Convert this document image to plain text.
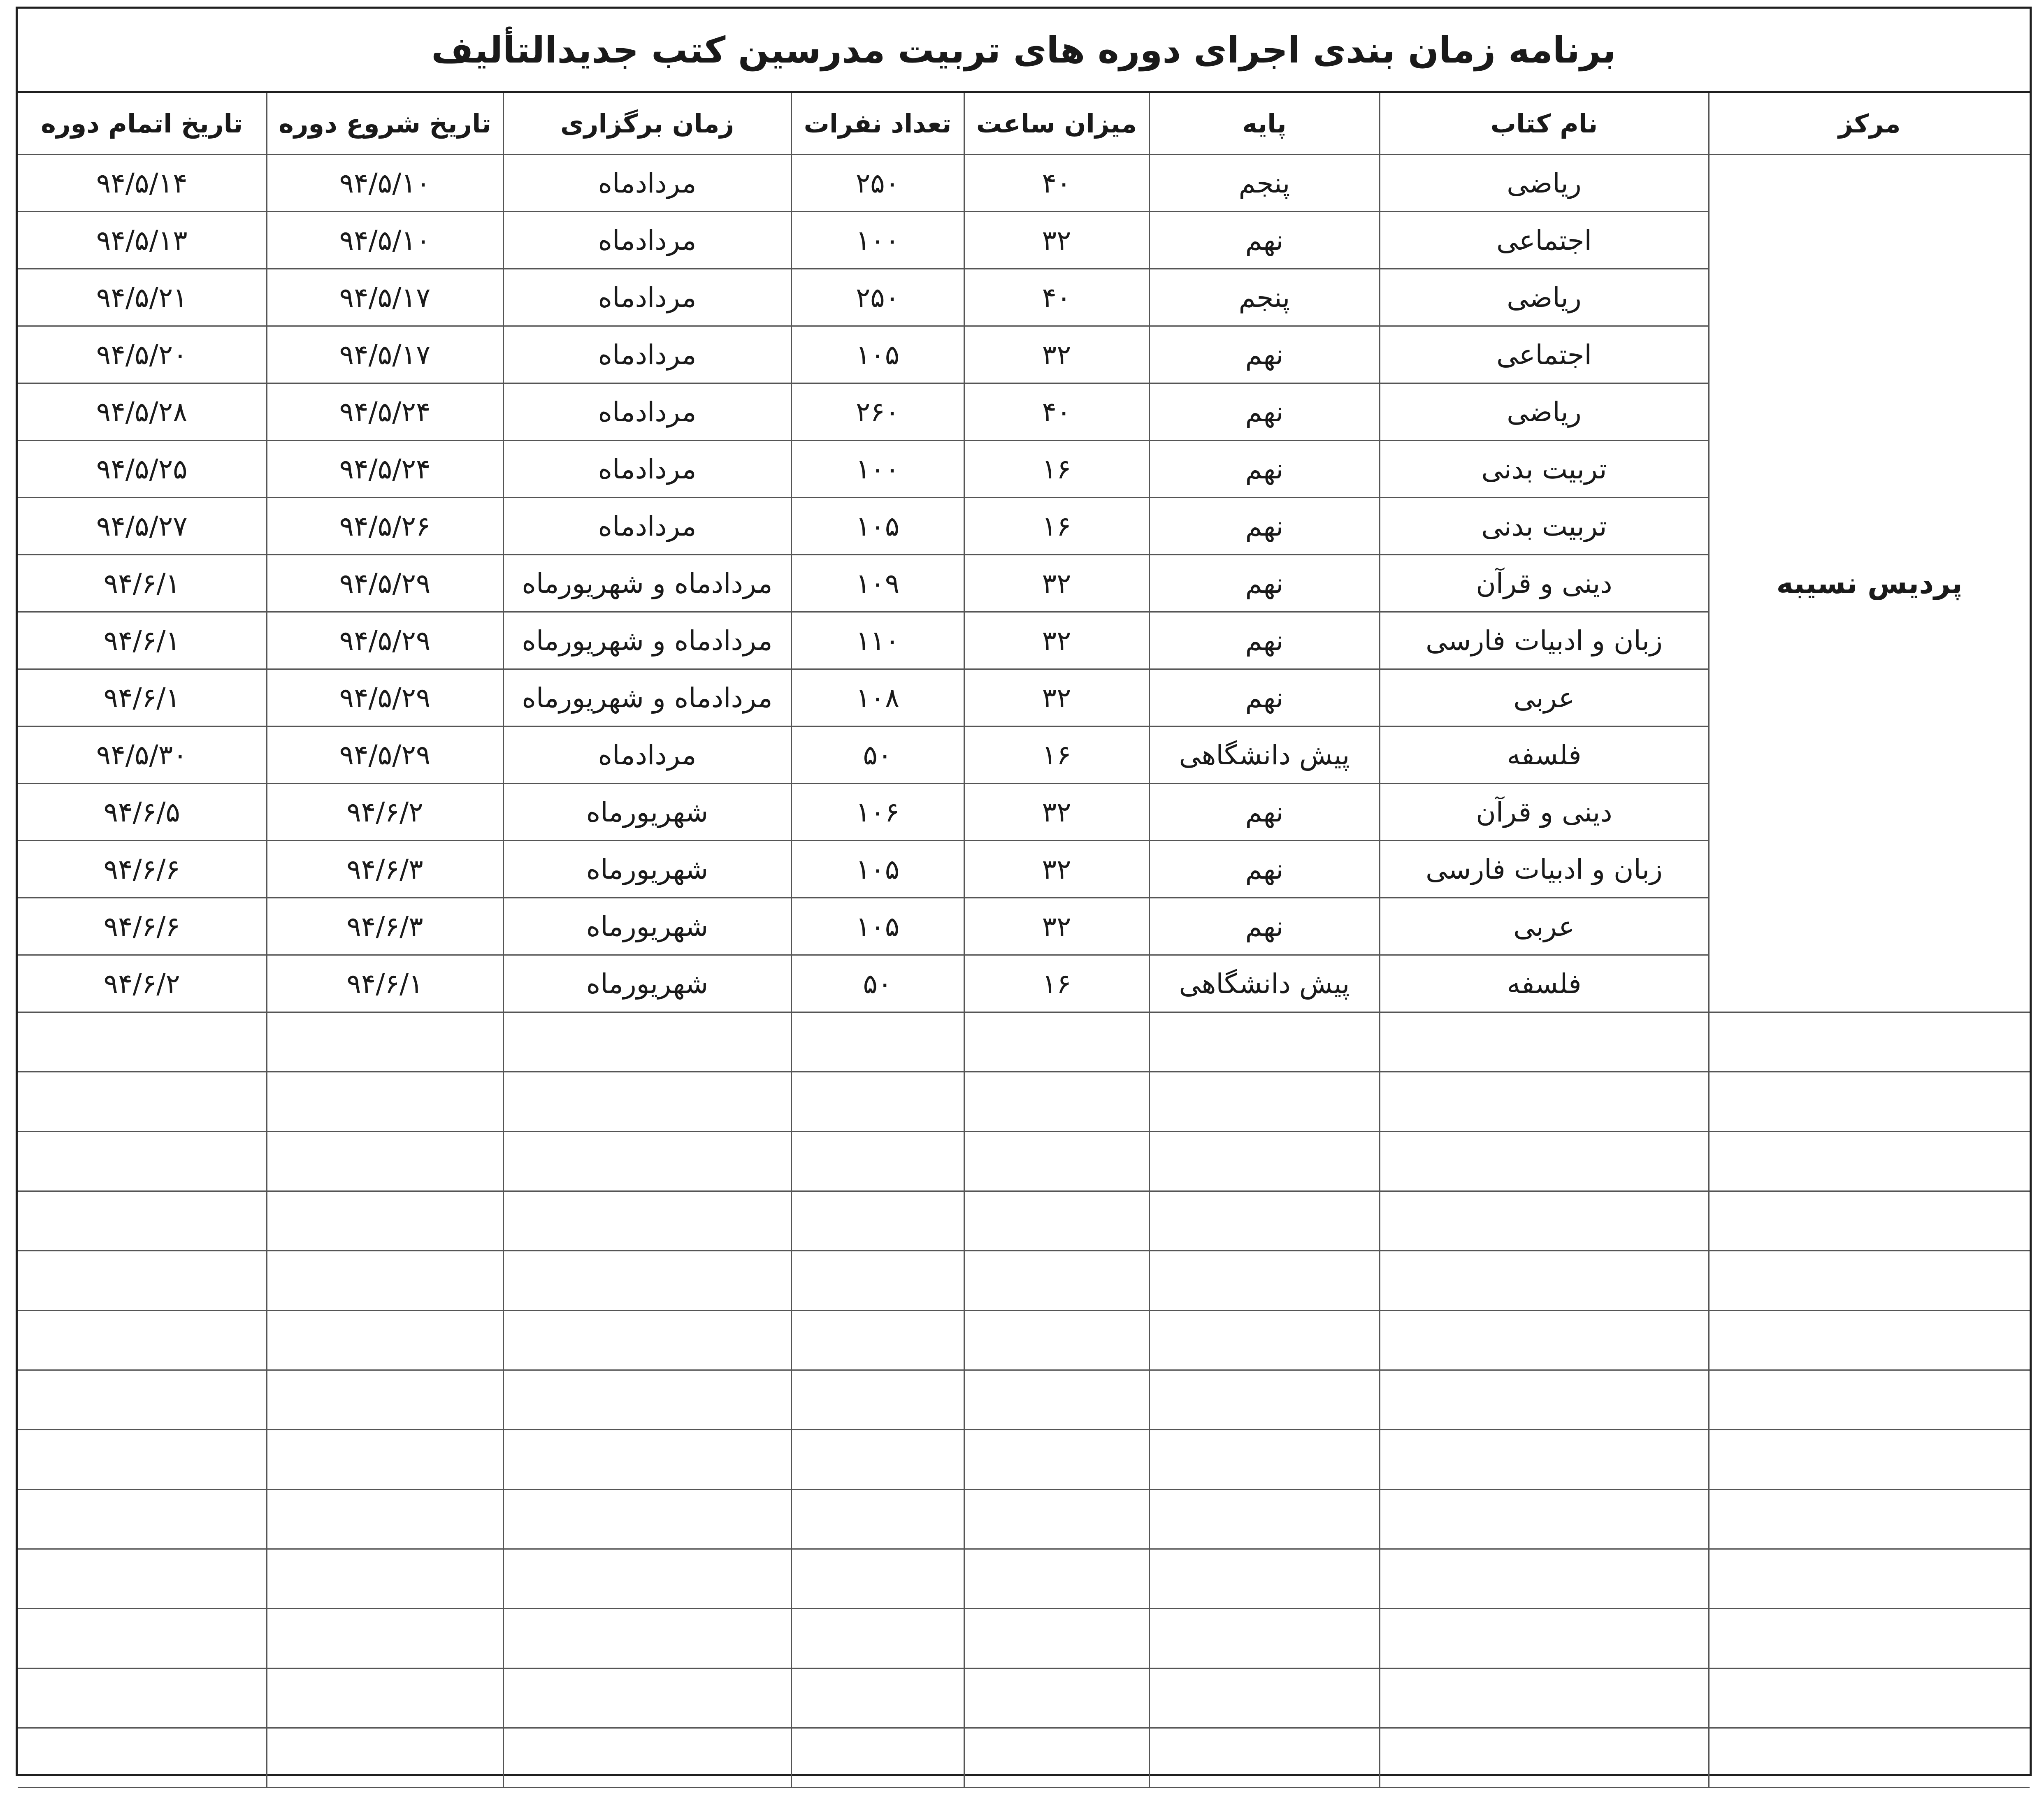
برنامه زمان بندی اجرای دوره های تربیت مدرسین کتب جدیدالتألیف
مرکز	نام کتاب	پایه	میزان ساعت	تعداد نفرات	زمان برگزاری	تاریخ شروع دوره	تاریخ اتمام دوره
پردیس نسیبه	ریاضی	پنجم	۴۰	۲۵۰	مردادماه	۹۴/۵/۱۰	۹۴/۵/۱۴
	اجتماعی	نهم	۳۲	۱۰۰	مردادماه	۹۴/۵/۱۰	۹۴/۵/۱۳
	ریاضی	پنجم	۴۰	۲۵۰	مردادماه	۹۴/۵/۱۷	۹۴/۵/۲۱
	اجتماعی	نهم	۳۲	۱۰۵	مردادماه	۹۴/۵/۱۷	۹۴/۵/۲۰
	ریاضی	نهم	۴۰	۲۶۰	مردادماه	۹۴/۵/۲۴	۹۴/۵/۲۸
	تربیت بدنی	نهم	۱۶	۱۰۰	مردادماه	۹۴/۵/۲۴	۹۴/۵/۲۵
	تربیت بدنی	نهم	۱۶	۱۰۵	مردادماه	۹۴/۵/۲۶	۹۴/۵/۲۷
	دینی و قرآن	نهم	۳۲	۱۰۹	مردادماه و شهریورماه	۹۴/۵/۲۹	۹۴/۶/۱
	زبان و ادبیات فارسی	نهم	۳۲	۱۱۰	مردادماه و شهریورماه	۹۴/۵/۲۹	۹۴/۶/۱
	عربی	نهم	۳۲	۱۰۸	مردادماه و شهریورماه	۹۴/۵/۲۹	۹۴/۶/۱
	فلسفه	پیش دانشگاهی	۱۶	۵۰	مردادماه	۹۴/۵/۲۹	۹۴/۵/۳۰
	دینی و قرآن	نهم	۳۲	۱۰۶	شهریورماه	۹۴/۶/۲	۹۴/۶/۵
	زبان و ادبیات فارسی	نهم	۳۲	۱۰۵	شهریورماه	۹۴/۶/۳	۹۴/۶/۶
	عربی	نهم	۳۲	۱۰۵	شهریورماه	۹۴/۶/۳	۹۴/۶/۶
	فلسفه	پیش دانشگاهی	۱۶	۵۰	شهریورماه	۹۴/۶/۱	۹۴/۶/۲
